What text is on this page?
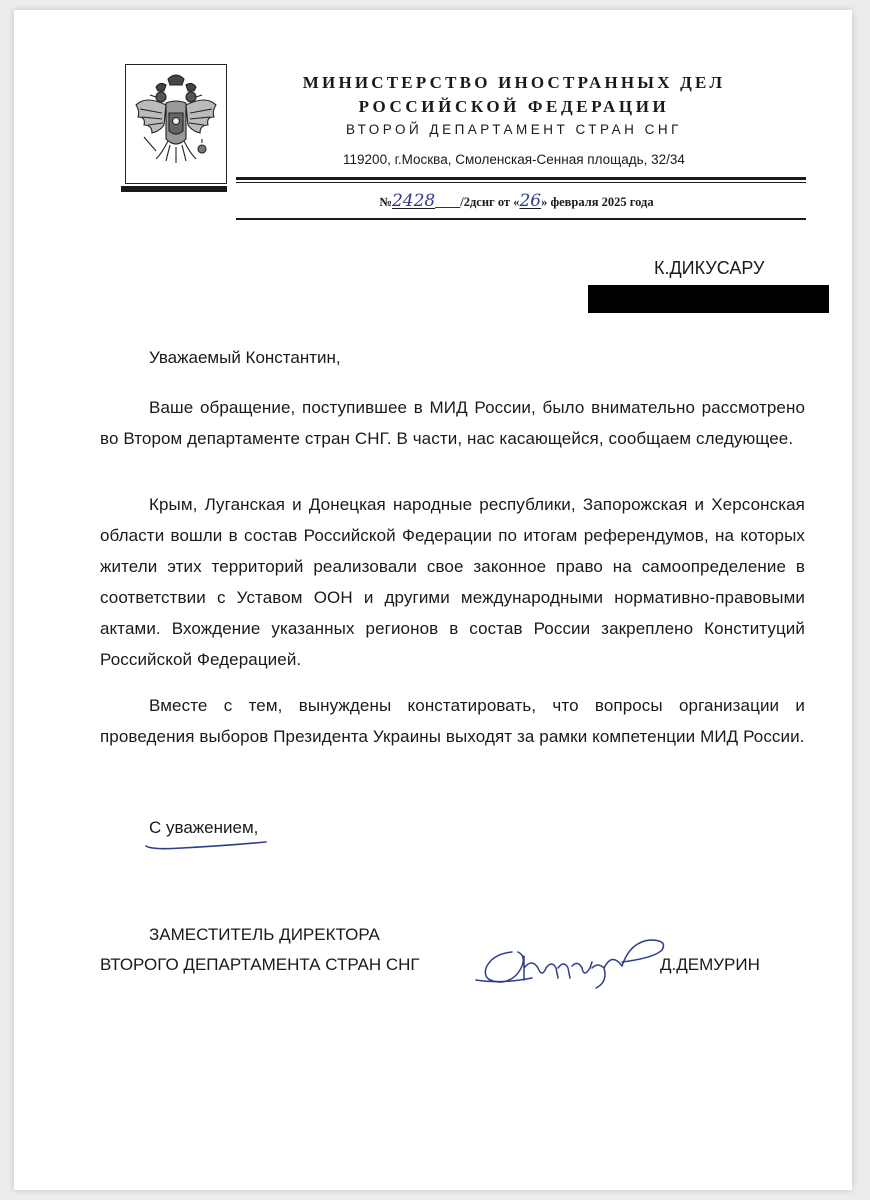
МИНИСТЕРСТВО ИНОСТРАННЫХ ДЕЛ
РОССИЙСКОЙ ФЕДЕРАЦИИ
ВТОРОЙ ДЕПАРТАМЕНТ СТРАН СНГ
119200, г.Москва, Смоленская-Сенная площадь, 32/34
№2428____/2дснг от «26» февраля 2025 года
К.ДИКУСАРУ
Уважаемый Константин,

Ваше обращение, поступившее в МИД России, было внимательно рассмотрено во Втором департаменте стран СНГ. В части, нас касающейся, сообщаем следующее.

Крым, Луганская и Донецкая народные республики, Запорожская и Херсонская области вошли в состав Российской Федерации по итогам референдумов, на которых жители этих территорий реализовали свое законное право на самоопределение в соответствии с Уставом ООН и другими международными нормативно-правовыми актами. Вхождение указанных регионов в состав России закреплено Конституций Российской Федерацией.

Вместе с тем, вынуждены констатировать, что вопросы организации и проведения выборов Президента Украины выходят за рамки компетенции МИД России.

С уважением,
ЗАМЕСТИТЕЛЬ ДИРЕКТОРА
ВТОРОГО ДЕПАРТАМЕНТА СТРАН СНГ	Д.ДЕМУРИН
